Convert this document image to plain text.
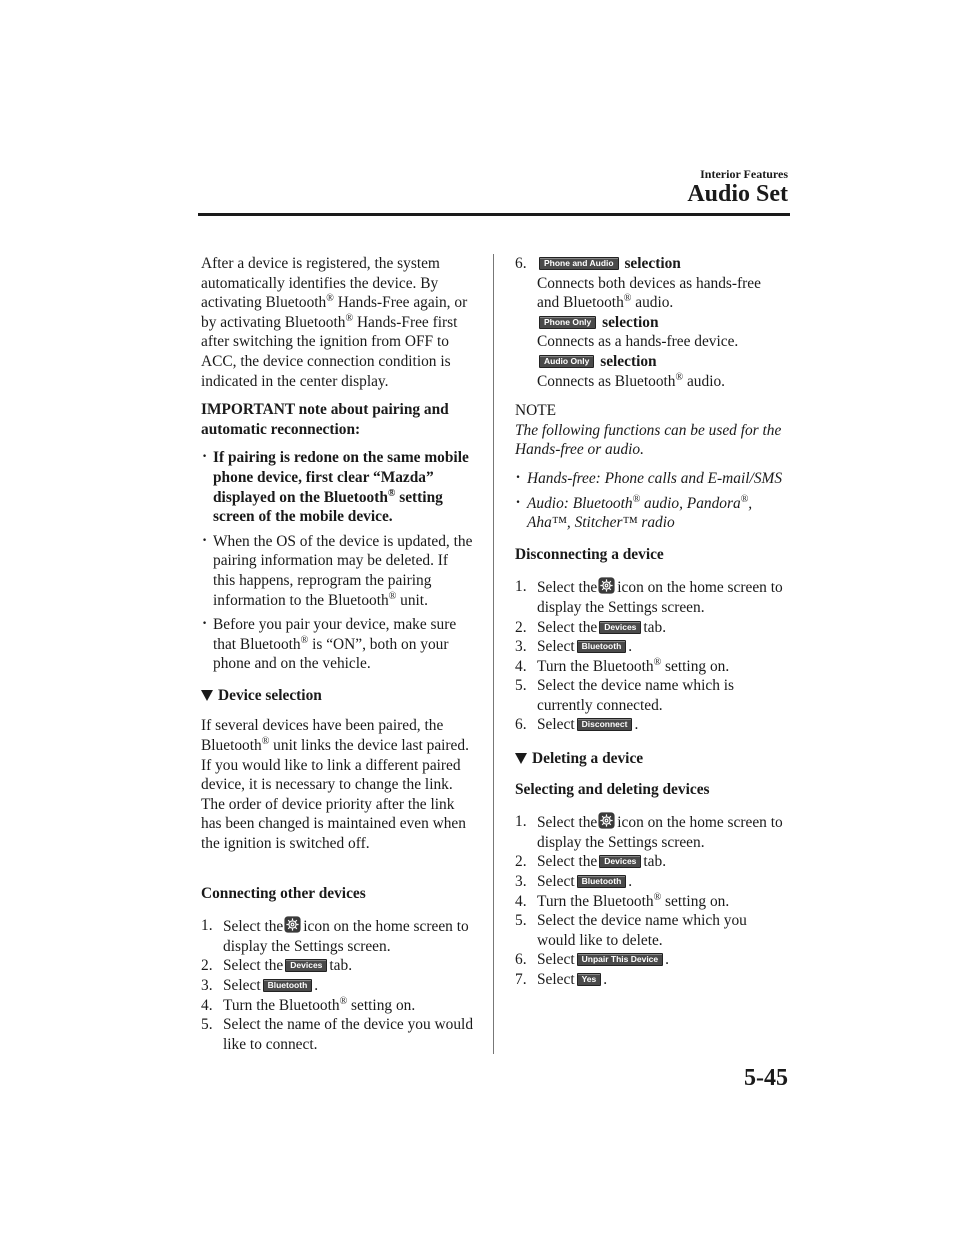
Interior Features
Audio Set

After a device is registered, the system automatically identifies the device. By activating Bluetooth® Hands-Free again, or by activating Bluetooth® Hands-Free first after switching the ignition from OFF to ACC, the device connection condition is indicated in the center display.

IMPORTANT note about pairing and automatic reconnection:

· If pairing is redone on the same mobile phone device, first clear “Mazda” displayed on the Bluetooth® setting screen of the mobile device.
· When the OS of the device is updated, the pairing information may be deleted. If this happens, reprogram the pairing information to the Bluetooth® unit.
· Before you pair your device, make sure that Bluetooth® is “ON”, both on your phone and on the vehicle.
Device selection

If several devices have been paired, the Bluetooth® unit links the device last paired. If you would like to link a different paired device, it is necessary to change the link. The order of device priority after the link has been changed is maintained even when the ignition is switched off.

Connecting other devices

1. Select the icon on the home screen to display the Settings screen.
2. Select the Devices tab.
3. Select Bluetooth .
4. Turn the Bluetooth® setting on.
5. Select the name of the device you would like to connect.
6. Phone and Audio selection
Connects both devices as hands-free and Bluetooth® audio.
Phone Only selection
Connects as a hands-free device.
Audio Only selection
Connects as Bluetooth® audio.
NOTE

The following functions can be used for the Hands-free or audio.

· Hands-free: Phone calls and E-mail/SMS
· Audio: Bluetooth® audio, Pandora®, Aha™, Stitcher™ radio

Disconnecting a device

1. Select the icon on the home screen to display the Settings screen.
2. Select the Devices tab.
3. Select Bluetooth .
4. Turn the Bluetooth® setting on.
5. Select the device name which is currently connected.
6. Select Disconnect .
Deleting a device

Selecting and deleting devices

1. Select the icon on the home screen to display the Settings screen.
2. Select the Devices tab.
3. Select Bluetooth .
4. Turn the Bluetooth® setting on.
5. Select the device name which you would like to delete.
6. Select Unpair This Device .
7. Select Yes .
5-45
